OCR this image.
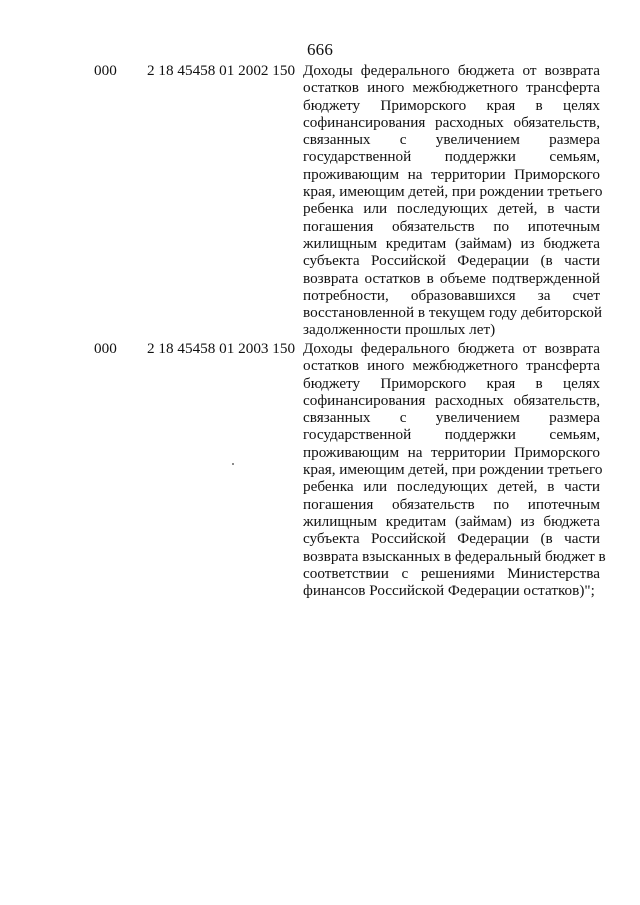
666
000 2 18 45458 01 2002 150 Доходы федерального бюджета от возврата
остатков иного межбюджетного трансферта
бюджету Приморского края в целях
софинансирования расходных обязательств,
связанных с увеличением размера
государственной поддержки семьям,
проживающим на территории Приморского
края, имеющим детей, при рождении третьего
ребенка или последующих детей, в части
погашения обязательств по ипотечным
жилищным кредитам (займам) из бюджета
субъекта Российской Федерации (в части
возврата остатков в объеме подтвержденной
потребности, образовавшихся за счет
восстановленной в текущем году дебиторской
задолженности прошлых лет)
000 2 18 45458 01 2003 150 Доходы федерального бюджета от возврата
остатков иного межбюджетного трансферта
бюджету Приморского края в целях
софинансирования расходных обязательств,
связанных с увеличением размера
государственной поддержки семьям,
проживающим на территории Приморского
края, имеющим детей, при рождении третьего
ребенка или последующих детей, в части
погашения обязательств по ипотечным
жилищным кредитам (займам) из бюджета
субъекта Российской Федерации (в части
возврата взысканных в федеральный бюджет в
соответствии с решениями Министерства
финансов Российской Федерации остатков)";
